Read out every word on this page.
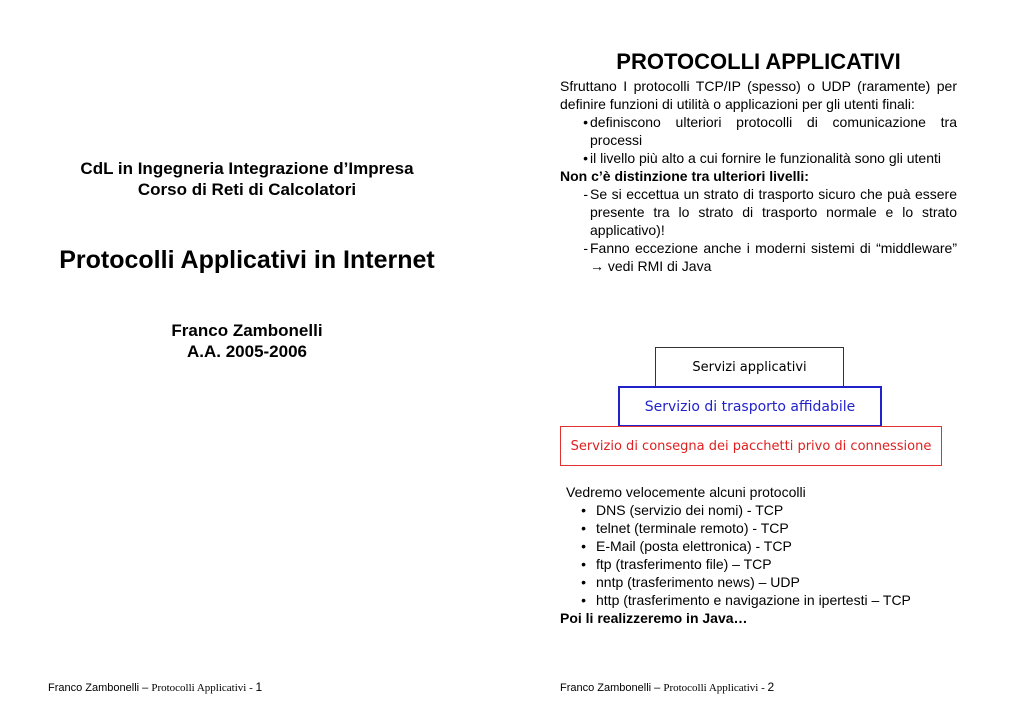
CdL in Ingegneria Integrazione d’Impresa
Corso di Reti di Calcolatori
Protocolli Applicativi in Internet
Franco Zambonelli
A.A. 2005-2006
Franco Zambonelli – Protocolli Applicativi - 1
PROTOCOLLI APPLICATIVI
Sfruttano I protocolli TCP/IP (spesso) o UDP (raramente) per definire funzioni di utilità o applicazioni per gli utenti finali:
• definiscono ulteriori protocolli di comunicazione tra processi
• il livello più alto a cui fornire le funzionalità sono gli utenti
Non c’è distinzione tra ulteriori livelli:
- Se si eccettua un strato di trasporto sicuro che puà essere presente tra lo strato di trasporto normale e lo strato applicativo)!
- Fanno eccezione anche i moderni sistemi di “middleware” → vedi RMI di Java
Servizi applicativi
Servizio di trasporto affidabile
Servizio di consegna dei pacchetti privo di connessione
Vedremo velocemente alcuni protocolli
• DNS (servizio dei nomi) - TCP
• telnet (terminale remoto) - TCP
• E-Mail (posta elettronica) - TCP
• ftp (trasferimento file) – TCP
• nntp (trasferimento news) – UDP
• http (trasferimento e navigazione in ipertesti – TCP
Poi li realizzeremo in Java…
Franco Zambonelli – Protocolli Applicativi - 2
